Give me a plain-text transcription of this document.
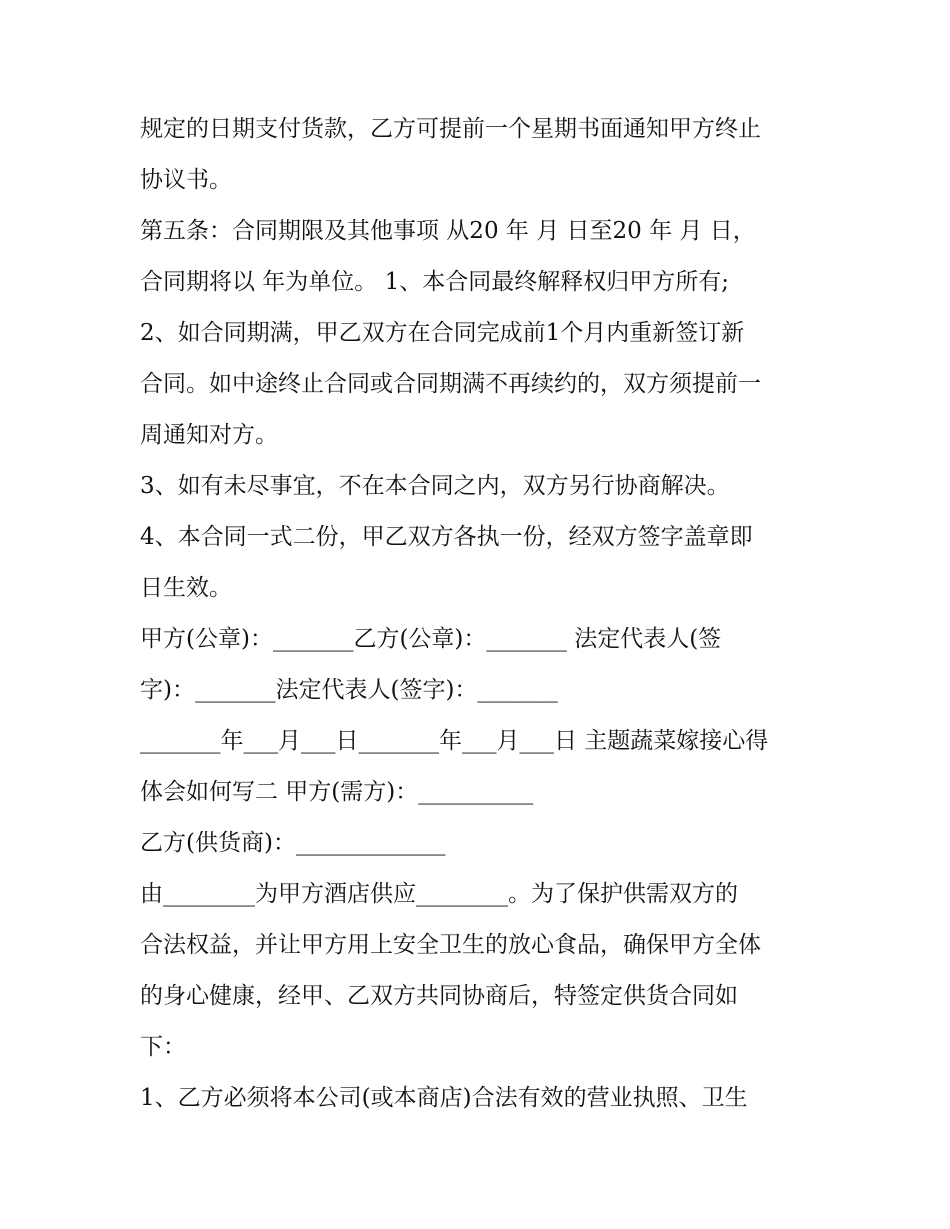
规定的日期支付货款，乙方可提前一个星期书面通知甲方终止
协议书。
第五条：合同期限及其他事项 从20 年 月 日至20 年 月 日，
合同期将以 年为单位。 1、本合同最终解释权归甲方所有;
2、如合同期满，甲乙双方在合同完成前1个月内重新签订新
合同。如中途终止合同或合同期满不再续约的，双方须提前一
周通知对方。
3、如有未尽事宜，不在本合同之内，双方另行协商解决。
4、本合同一式二份，甲乙双方各执一份，经双方签字盖章即
日生效。
甲方(公章)：_______乙方(公章)：_______ 法定代表人(签
字)：_______法定代表人(签字)：_______
_______年___月___日_______年___月___日 主题蔬菜嫁接心得
体会如何写二 甲方(需方)：__________
乙方(供货商)：_____________
由________为甲方酒店供应________。为了保护供需双方的
合法权益，并让甲方用上安全卫生的放心食品，确保甲方全体
的身心健康，经甲、乙双方共同协商后，特签定供货合同如
下：
1、乙方必须将本公司(或本商店)合法有效的营业执照、卫生
